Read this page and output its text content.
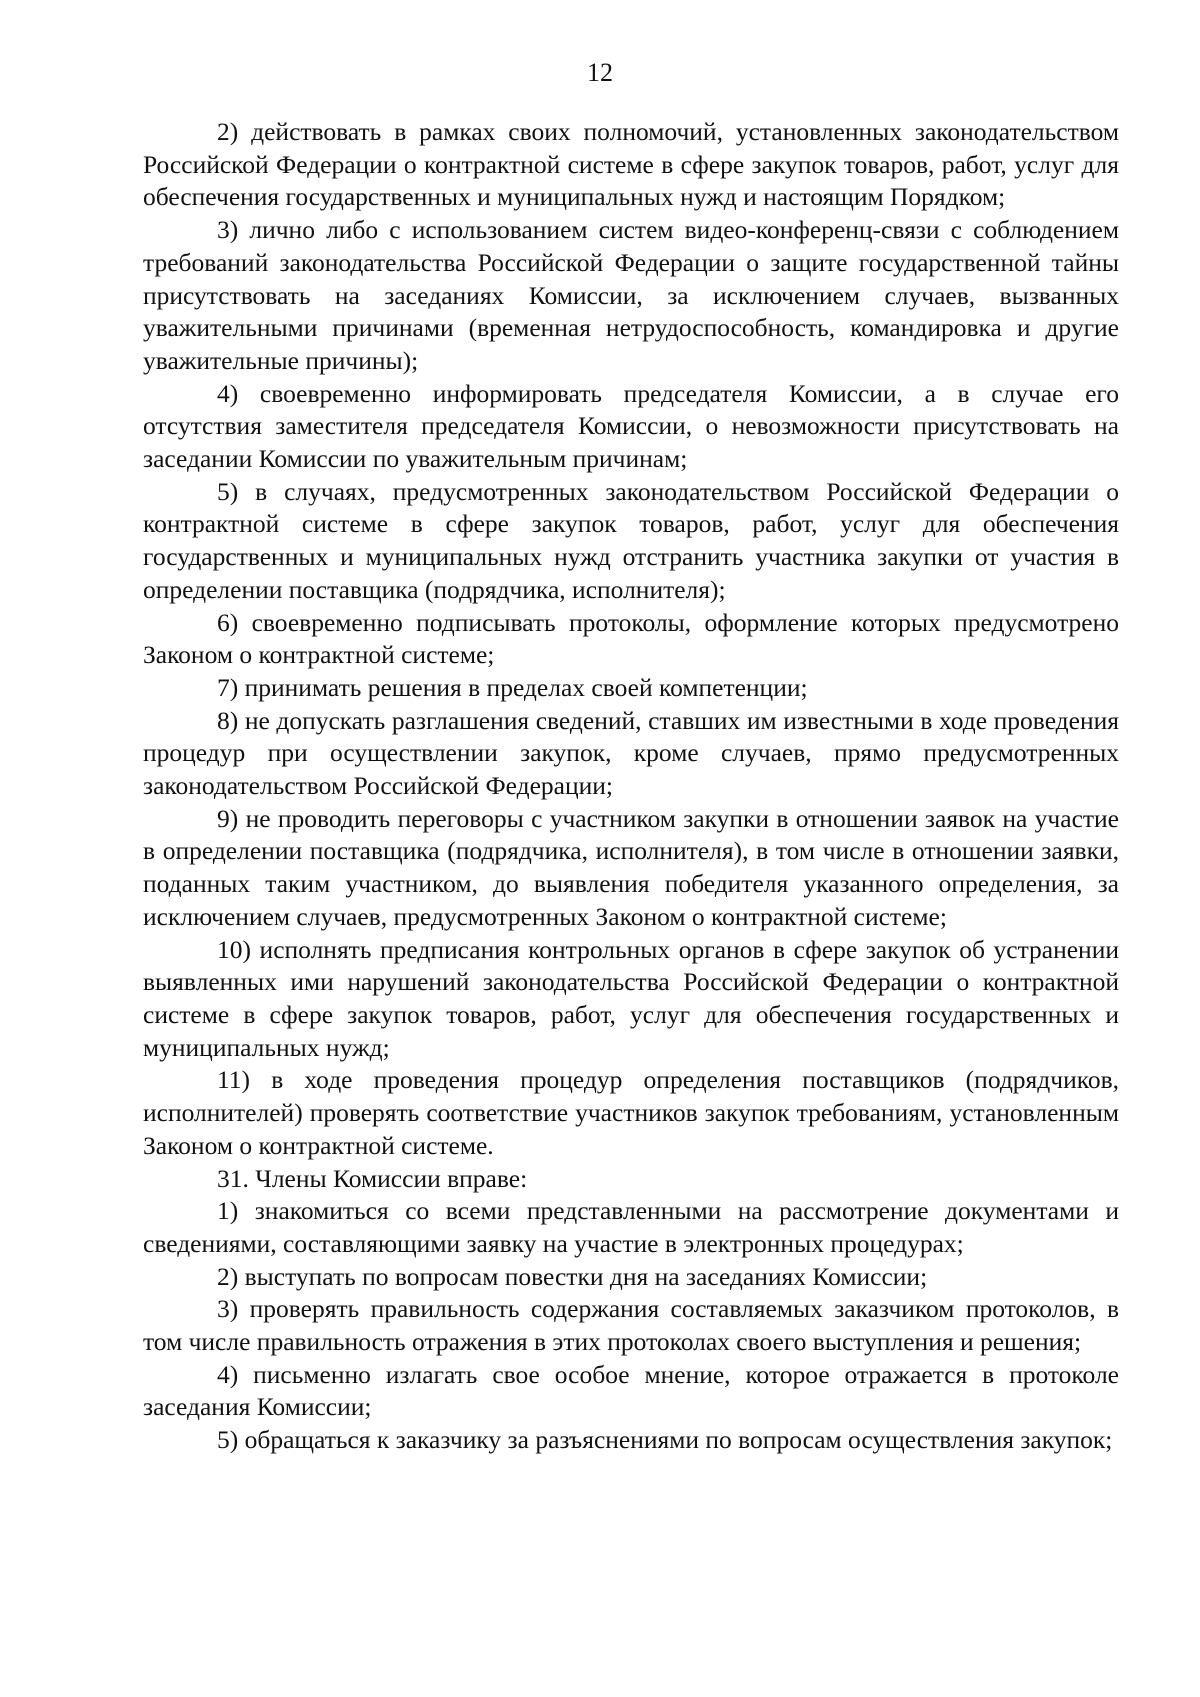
12

2) действовать в рамках своих полномочий, установленных законодательством Российской Федерации о контрактной системе в сфере закупок товаров, работ, услуг для обеспечения государственных и муниципальных нужд и настоящим Порядком;

3) лично либо с использованием систем видео-конференц-связи с соблюдением требований законодательства Российской Федерации о защите государственной тайны присутствовать на заседаниях Комиссии, за исключением случаев, вызванных уважительными причинами (временная нетрудоспособность, командировка и другие уважительные причины);

4) своевременно информировать председателя Комиссии, а в случае его отсутствия заместителя председателя Комиссии, о невозможности присутствовать на заседании Комиссии по уважительным причинам;

5) в случаях, предусмотренных законодательством Российской Федерации о контрактной системе в сфере закупок товаров, работ, услуг для обеспечения государственных и муниципальных нужд отстранить участника закупки от участия в определении поставщика (подрядчика, исполнителя);

6) своевременно подписывать протоколы, оформление которых предусмотрено Законом о контрактной системе;

7) принимать решения в пределах своей компетенции;

8) не допускать разглашения сведений, ставших им известными в ходе проведения процедур при осуществлении закупок, кроме случаев, прямо предусмотренных законодательством Российской Федерации;

9) не проводить переговоры с участником закупки в отношении заявок на участие в определении поставщика (подрядчика, исполнителя), в том числе в отношении заявки, поданных таким участником, до выявления победителя указанного определения, за исключением случаев, предусмотренных Законом о контрактной системе;

10) исполнять предписания контрольных органов в сфере закупок об устранении выявленных ими нарушений законодательства Российской Федерации о контрактной системе в сфере закупок товаров, работ, услуг для обеспечения государственных и муниципальных нужд;

11) в ходе проведения процедур определения поставщиков (подрядчиков, исполнителей) проверять соответствие участников закупок требованиям, установленным Законом о контрактной системе.

31. Члены Комиссии вправе:

1) знакомиться со всеми представленными на рассмотрение документами и сведениями, составляющими заявку на участие в электронных процедурах;

2) выступать по вопросам повестки дня на заседаниях Комиссии;

3) проверять правильность содержания составляемых заказчиком протоколов, в том числе правильность отражения в этих протоколах своего выступления и решения;

4) письменно излагать свое особое мнение, которое отражается в протоколе заседания Комиссии;

5) обращаться к заказчику за разъяснениями по вопросам осуществления закупок;
